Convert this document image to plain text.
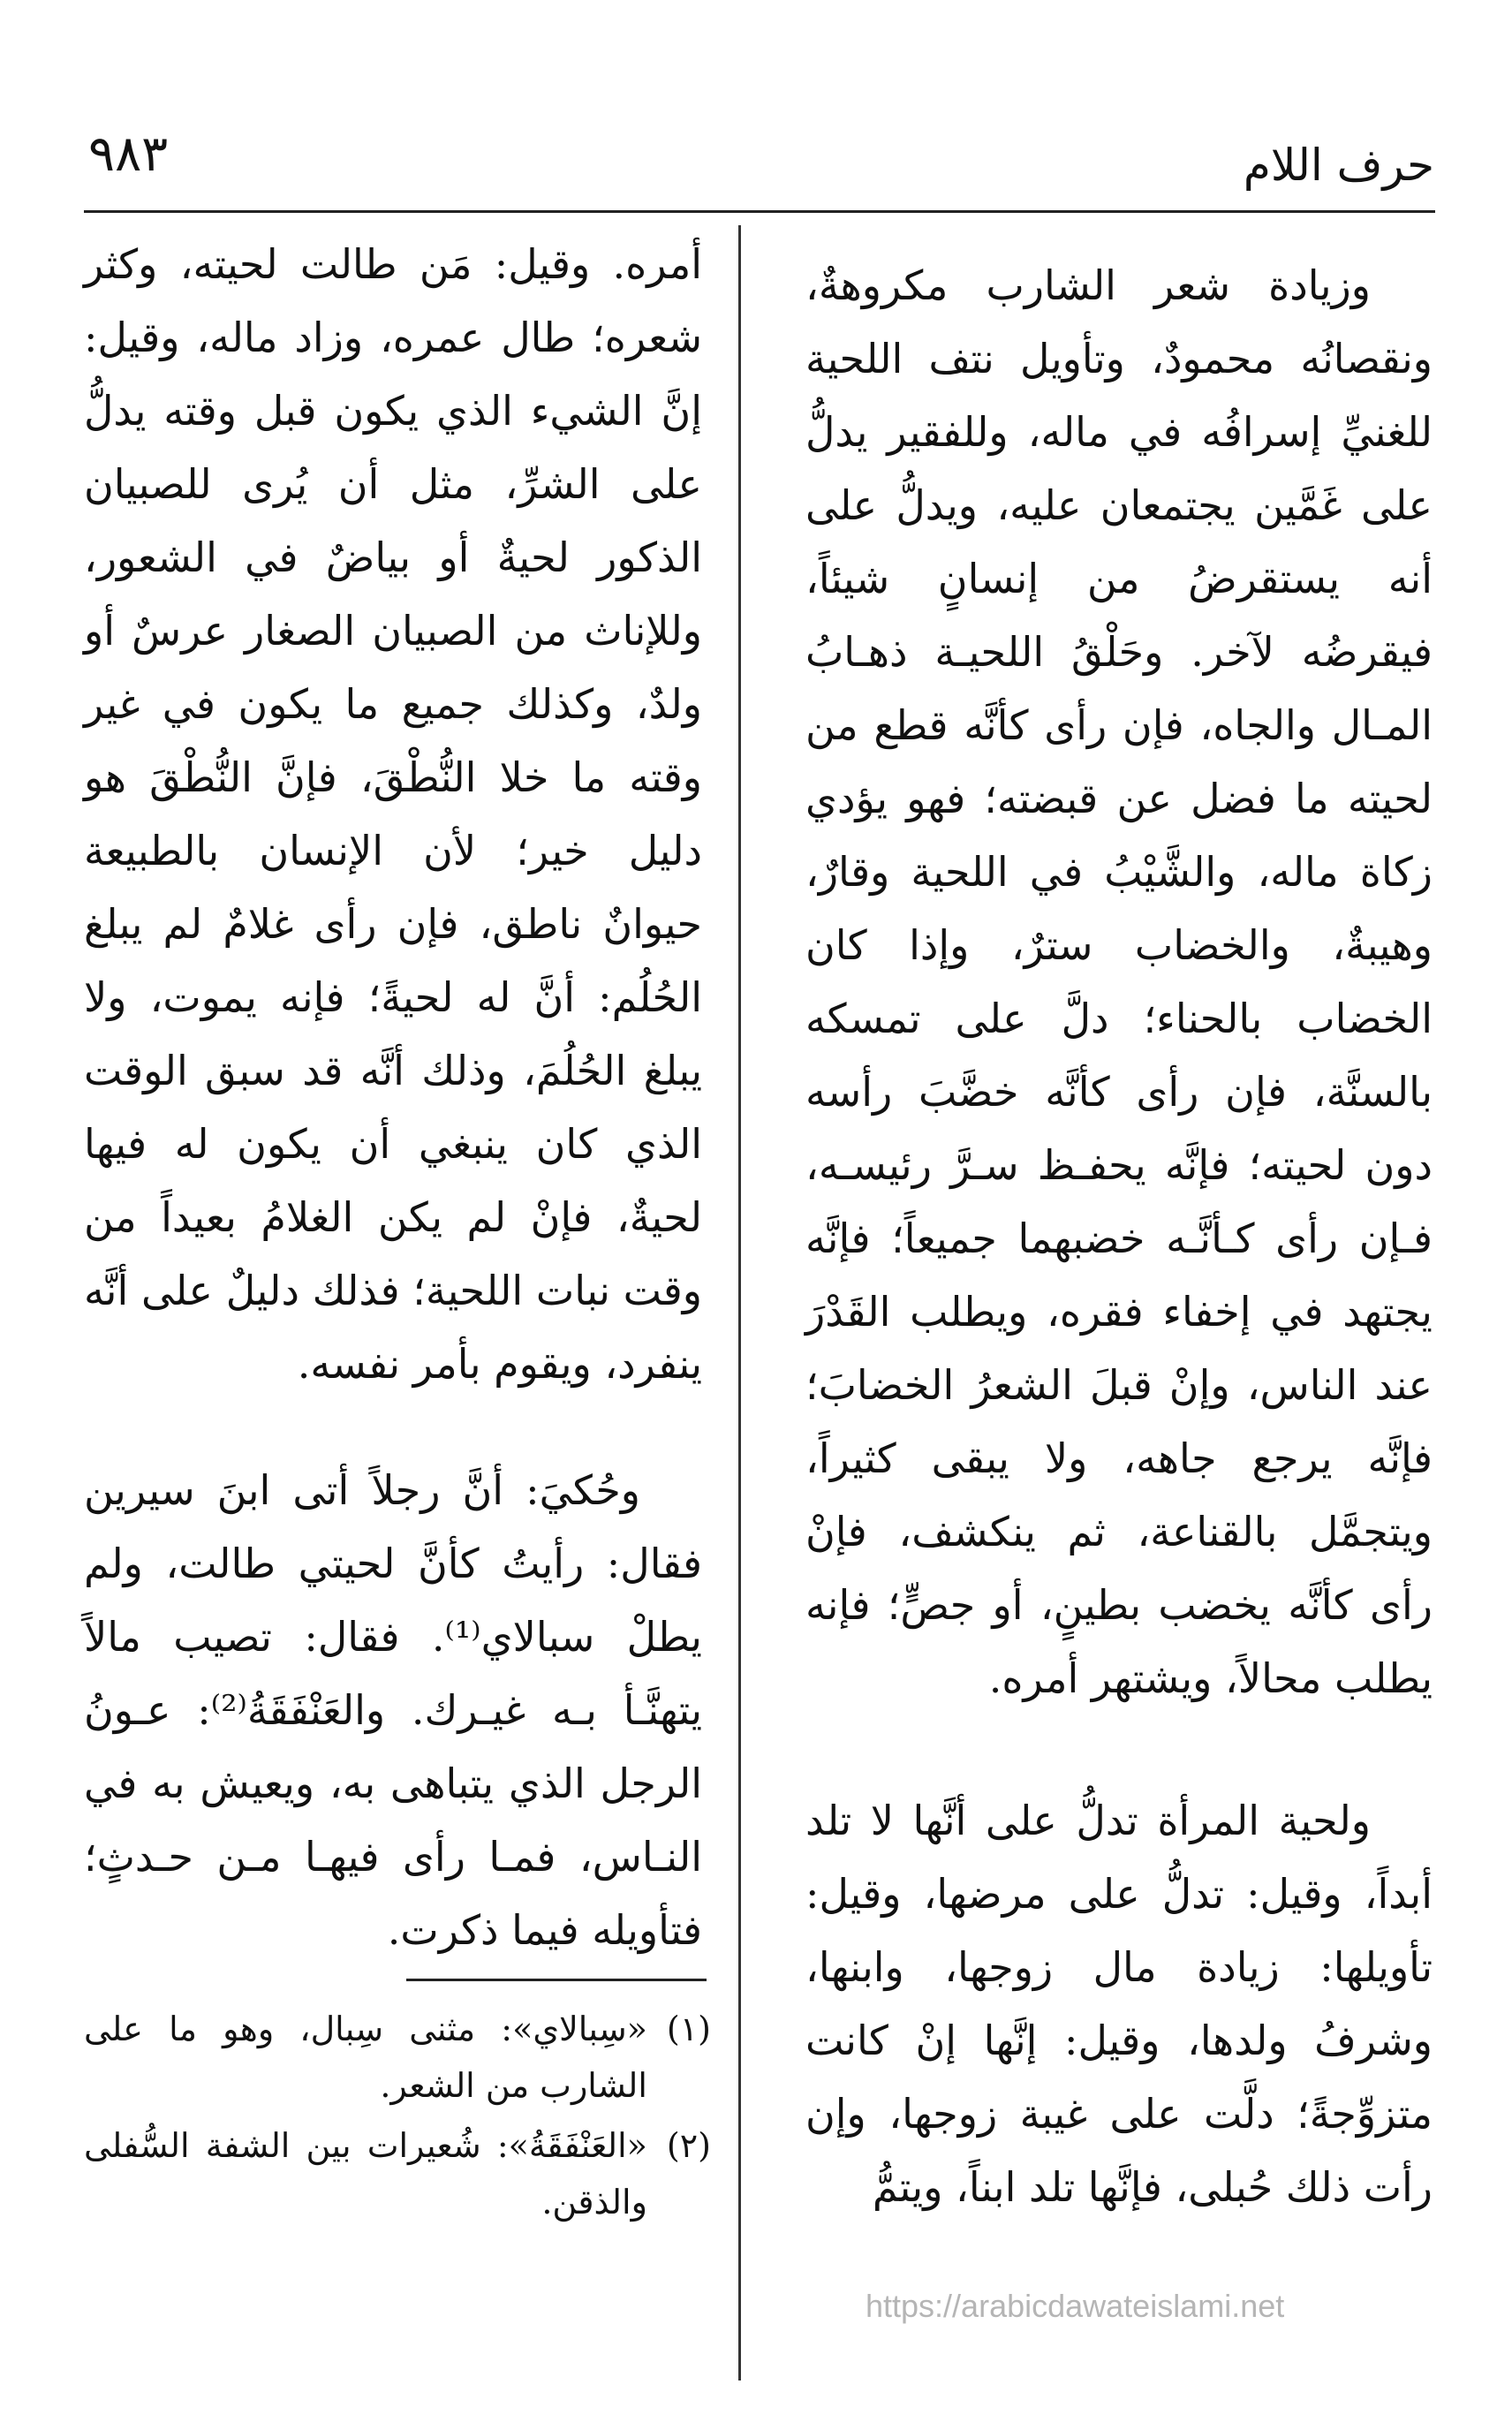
حرف اللام
٩٨٣

وزيادة شعر الشارب مكروهةٌ، ونقصانُه محمودٌ، وتأويل نتف اللحية للغنيِّ إسرافُه في ماله، وللفقير يدلُّ على غَمَّين يجتمعان عليه، ويدلُّ على أنه يستقرضُ من إنسانٍ شيئاً، فيقرضُه لآخر. وحَلْقُ اللحيـة ذهـابُ المـال والجاه، فإن رأى كأنَّه قطع من لحيته ما فضل عن قبضته؛ فهو يؤدي زكاة ماله، والشَّيْبُ في اللحية وقارٌ، وهيبةٌ، والخضاب سترٌ، وإذا كان الخضاب بالحناء؛ دلَّ على تمسكه بالسنَّة، فإن رأى كأنَّه خضَّبَ رأسه دون لحيته؛ فإنَّه يحفـظ سـرَّ رئيسـه، فـإن رأى كـأنَّـه خضبهما جميعاً؛ فإنَّه يجتهد في إخفاء فقره، ويطلب القَدْرَ عند الناس، وإنْ قبلَ الشعرُ الخضابَ؛ فإنَّه يرجع جاهه، ولا يبقى كثيراً، ويتجمَّل بالقناعة، ثم ينكشف، فإنْ رأى كأنَّه يخضب بطينٍ، أو جصٍّ؛ فإنه يطلب محالاً، ويشتهر أمره.

ولحية المرأة تدلُّ على أنَّها لا تلد أبداً، وقيل: تدلُّ على مرضها، وقيل: تأويلها: زيادة مال زوجها، وابنها، وشرفُ ولدها، وقيل: إنَّها إنْ كانت متزوِّجةً؛ دلَّت على غيبة زوجها، وإن رأت ذلك حُبلى، فإنَّها تلد ابناً، ويتمُّ

أمره. وقيل: مَن طالت لحيته، وكثر شعره؛ طال عمره، وزاد ماله، وقيل: إنَّ الشيء الذي يكون قبل وقته يدلُّ على الشرِّ، مثل أن يُرى للصبيان الذكور لحيةٌ أو بياضٌ في الشعور، وللإناث من الصبيان الصغار عرسٌ أو ولدٌ، وكذلك جميع ما يكون في غير وقته ما خلا النُّطْقَ، فإنَّ النُّطْقَ هو دليل خير؛ لأن الإنسان بالطبيعة حيوانٌ ناطق، فإن رأى غلامٌ لم يبلغ الحُلُم: أنَّ له لحيةً؛ فإنه يموت، ولا يبلغ الحُلُمَ، وذلك أنَّه قد سبق الوقت الذي كان ينبغي أن يكون له فيها لحيةٌ، فإنْ لم يكن الغلامُ بعيداً من وقت نبات اللحية؛ فذلك دليلٌ على أنَّه ينفرد، ويقوم بأمر نفسه.

وحُكيَ: أنَّ رجلاً أتى ابنَ سيرين فقال: رأيتُ كأنَّ لحيتي طالت، ولم يطلْ سبالاي⁽¹⁾. فقال: تصيب مالاً يتهنَّـأ بـه غيـرك. والعَنْفَقَةُ⁽²⁾: عـونُ الرجل الذي يتباهى به، ويعيش به في النـاس، فمـا رأى فيهـا مـن حـدثٍ؛ فتأويله فيما ذكرت.

(١)
«سِبالاي»: مثنى سِبال، وهو ما على الشارب من الشعر.
(٢)
«العَنْفَقَةُ»: شُعيرات بين الشفة السُّفلى والذقن.
https://arabicdawateislami.net
